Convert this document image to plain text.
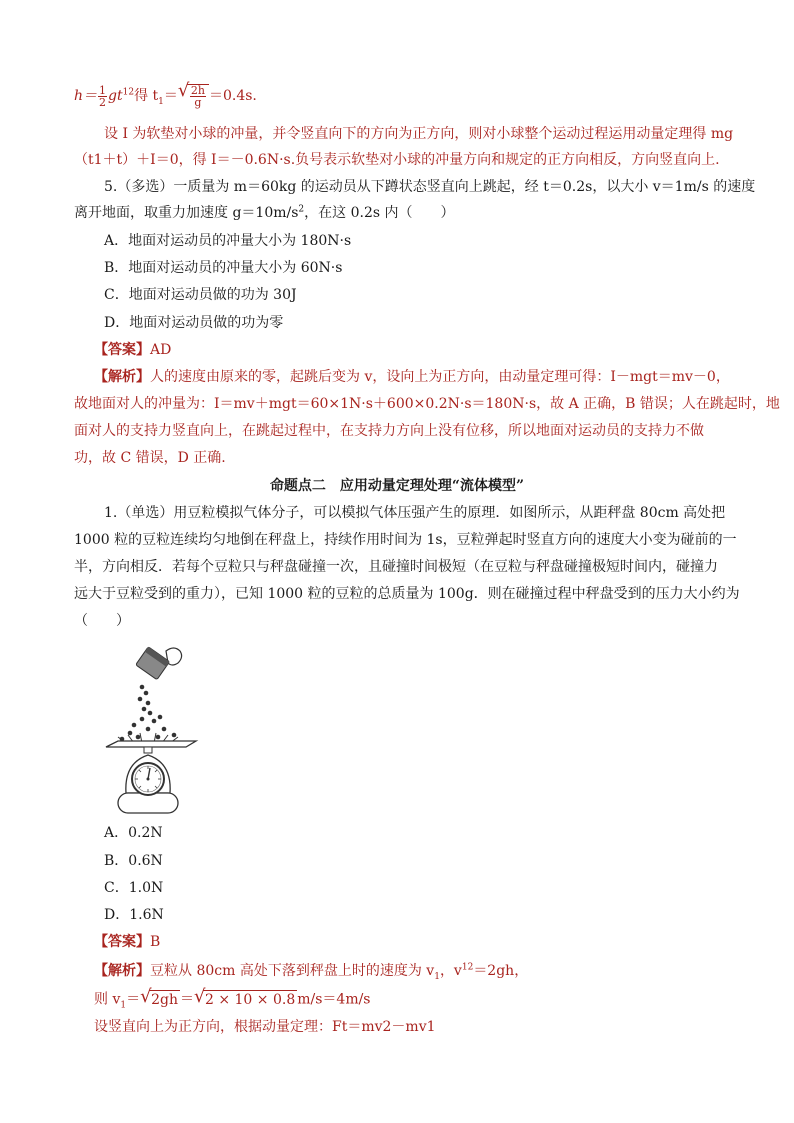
$h= \frac{1}{2} gt^{12}$得 $t_1=$ √ $\frac{2h}{g} =0.4s$.
设 I 为软垫对小球的冲量，并令竖直向下的方向为正方向，则对小球整个运动过程运用动量定理得 mg
（t1＋t）＋I＝0，得 I＝－0.6N·s.负号表示软垫对小球的冲量方向和规定的正方向相反，方向竖直向上.
5.（多选）一质量为 m＝60kg 的运动员从下蹲状态竖直向上跳起，经 t＝0.2s，以大小 v＝1m/s 的速度
离开地面，取重力加速度 $g=10m/s^2$，在这 0.2s 内（　　）
A．地面对运动员的冲量大小为 180N·s
B．地面对运动员的冲量大小为 60N·s
C．地面对运动员做的功为 30J
D．地面对运动员做的功为零
【答案】AD
【解析】人的速度由原来的零，起跳后变为 v，设向上为正方向，由动量定理可得：I－mgt＝mv－0，
故地面对人的冲量为：I＝mv＋mgt＝60×1N·s＋600×0.2N·s＝180N·s，故 A 正确，B 错误；人在跳起时，地
面对人的支持力竖直向上，在跳起过程中，在支持力方向上没有位移，所以地面对运动员的支持力不做
功，故 C 错误，D 正确.
命题点二　应用动量定理处理“流体模型”
1.（单选）用豆粒模拟气体分子，可以模拟气体压强产生的原理．如图所示，从距秤盘 80cm 高处把
1000 粒的豆粒连续均匀地倒在秤盘上，持续作用时间为 1s，豆粒弹起时竖直方向的速度大小变为碰前的一
半，方向相反．若每个豆粒只与秤盘碰撞一次，且碰撞时间极短（在豆粒与秤盘碰撞极短时间内，碰撞力
远大于豆粒受到的重力），已知 1000 粒的豆粒的总质量为 100g．则在碰撞过程中秤盘受到的压力大小约为
（　　）
A．0.2N
B．0.6N
C．1.0N
D．1.6N
【答案】B
【解析】豆粒从 80cm 高处下落到秤盘上时的速度为 $v_1$，$v^{12}=2gh$，
则 $v_1=$ √ 2gh ＝ √ 2 × 10 × 0.8 m/s＝4m/s
设竖直向上为正方向，根据动量定理：Ft＝mv2－mv1
